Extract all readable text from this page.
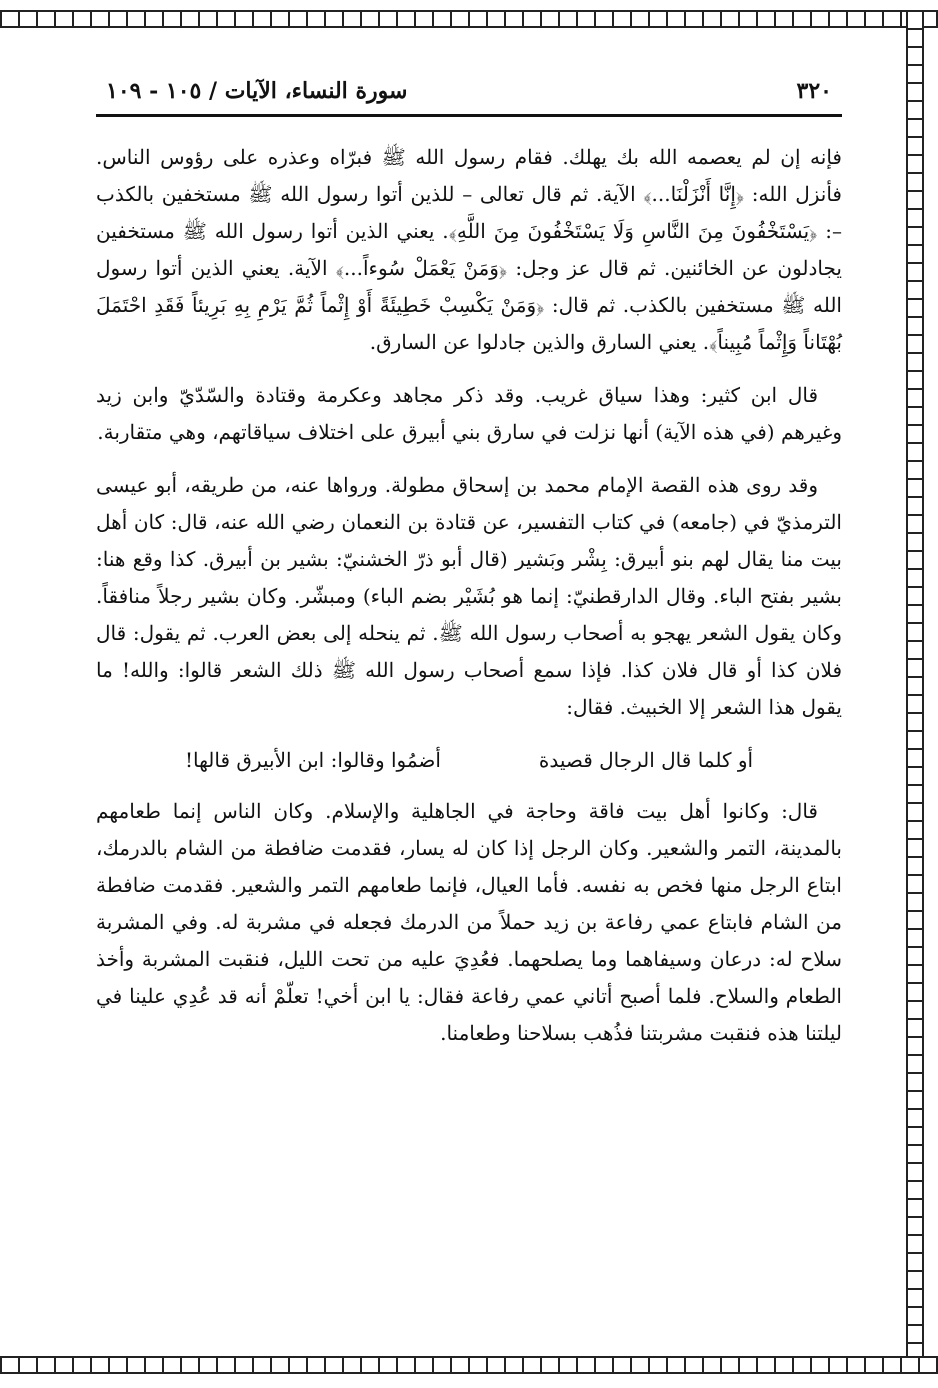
٣٢٠
سورة النساء، الآيات / ١٠٥ - ١٠٩

فإنه إن لم يعصمه الله بك يهلك. فقام رسول الله ﷺ فبرّاه وعذره على رؤوس الناس. فأنزل الله: ﴿إِنَّا أَنْزَلْنَا...﴾ الآية. ثم قال تعالى – للذين أتوا رسول الله ﷺ مستخفين بالكذب –: ﴿يَسْتَخْفُونَ مِنَ النَّاسِ وَلَا يَسْتَخْفُونَ مِنَ اللَّهِ﴾. يعني الذين أتوا رسول الله ﷺ مستخفين يجادلون عن الخائنين. ثم قال عز وجل: ﴿وَمَنْ يَعْمَلْ سُوءاً...﴾ الآية. يعني الذين أتوا رسول الله ﷺ مستخفين بالكذب. ثم قال: ﴿وَمَنْ يَكْسِبْ خَطِيئَةً أَوْ إِثْماً ثُمَّ يَرْمِ بِهِ بَرِيئاً فَقَدِ احْتَمَلَ بُهْتَاناً وَإِثْماً مُبِيناً﴾. يعني السارق والذين جادلوا عن السارق.

قال ابن كثير: وهذا سياق غريب. وقد ذكر مجاهد وعكرمة وقتادة والسّدّيّ وابن زيد وغيرهم (في هذه الآية) أنها نزلت في سارق بني أبيرق على اختلاف سياقاتهم، وهي متقاربة.

وقد روى هذه القصة الإمام محمد بن إسحاق مطولة. ورواها عنه، من طريقه، أبو عيسى الترمذيّ في (جامعه) في كتاب التفسير، عن قتادة بن النعمان رضي الله عنه، قال: كان أهل بيت منا يقال لهم بنو أبيرق: بِشْر وبَشير (قال أبو ذرّ الخشنيّ: بشير بن أبيرق. كذا وقع هنا: بشير بفتح الباء. وقال الدارقطنيّ: إنما هو بُشَيْر بضم الباء) ومبشّر. وكان بشير رجلاً منافقاً. وكان يقول الشعر يهجو به أصحاب رسول الله ﷺ. ثم ينحله إلى بعض العرب. ثم يقول: قال فلان كذا أو قال فلان كذا. فإذا سمع أصحاب رسول الله ﷺ ذلك الشعر قالوا: والله! ما يقول هذا الشعر إلا الخبيث. فقال:

أو كلما قال الرجال قصيدة
أضمُوا وقالوا: ابن الأبيرق قالها!

قال: وكانوا أهل بيت فاقة وحاجة في الجاهلية والإسلام. وكان الناس إنما طعامهم بالمدينة، التمر والشعير. وكان الرجل إذا كان له يسار، فقدمت ضافطة من الشام بالدرمك، ابتاع الرجل منها فخص به نفسه. فأما العيال، فإنما طعامهم التمر والشعير. فقدمت ضافطة من الشام فابتاع عمي رفاعة بن زيد حملاً من الدرمك فجعله في مشربة له. وفي المشربة سلاح له: درعان وسيفاهما وما يصلحهما. فعُدِيَ عليه من تحت الليل، فنقبت المشربة وأخذ الطعام والسلاح. فلما أصبح أتاني عمي رفاعة فقال: يا ابن أخي! تعلّمْ أنه قد عُدِي علينا في ليلتنا هذه فنقبت مشربتنا فذُهب بسلاحنا وطعامنا.
